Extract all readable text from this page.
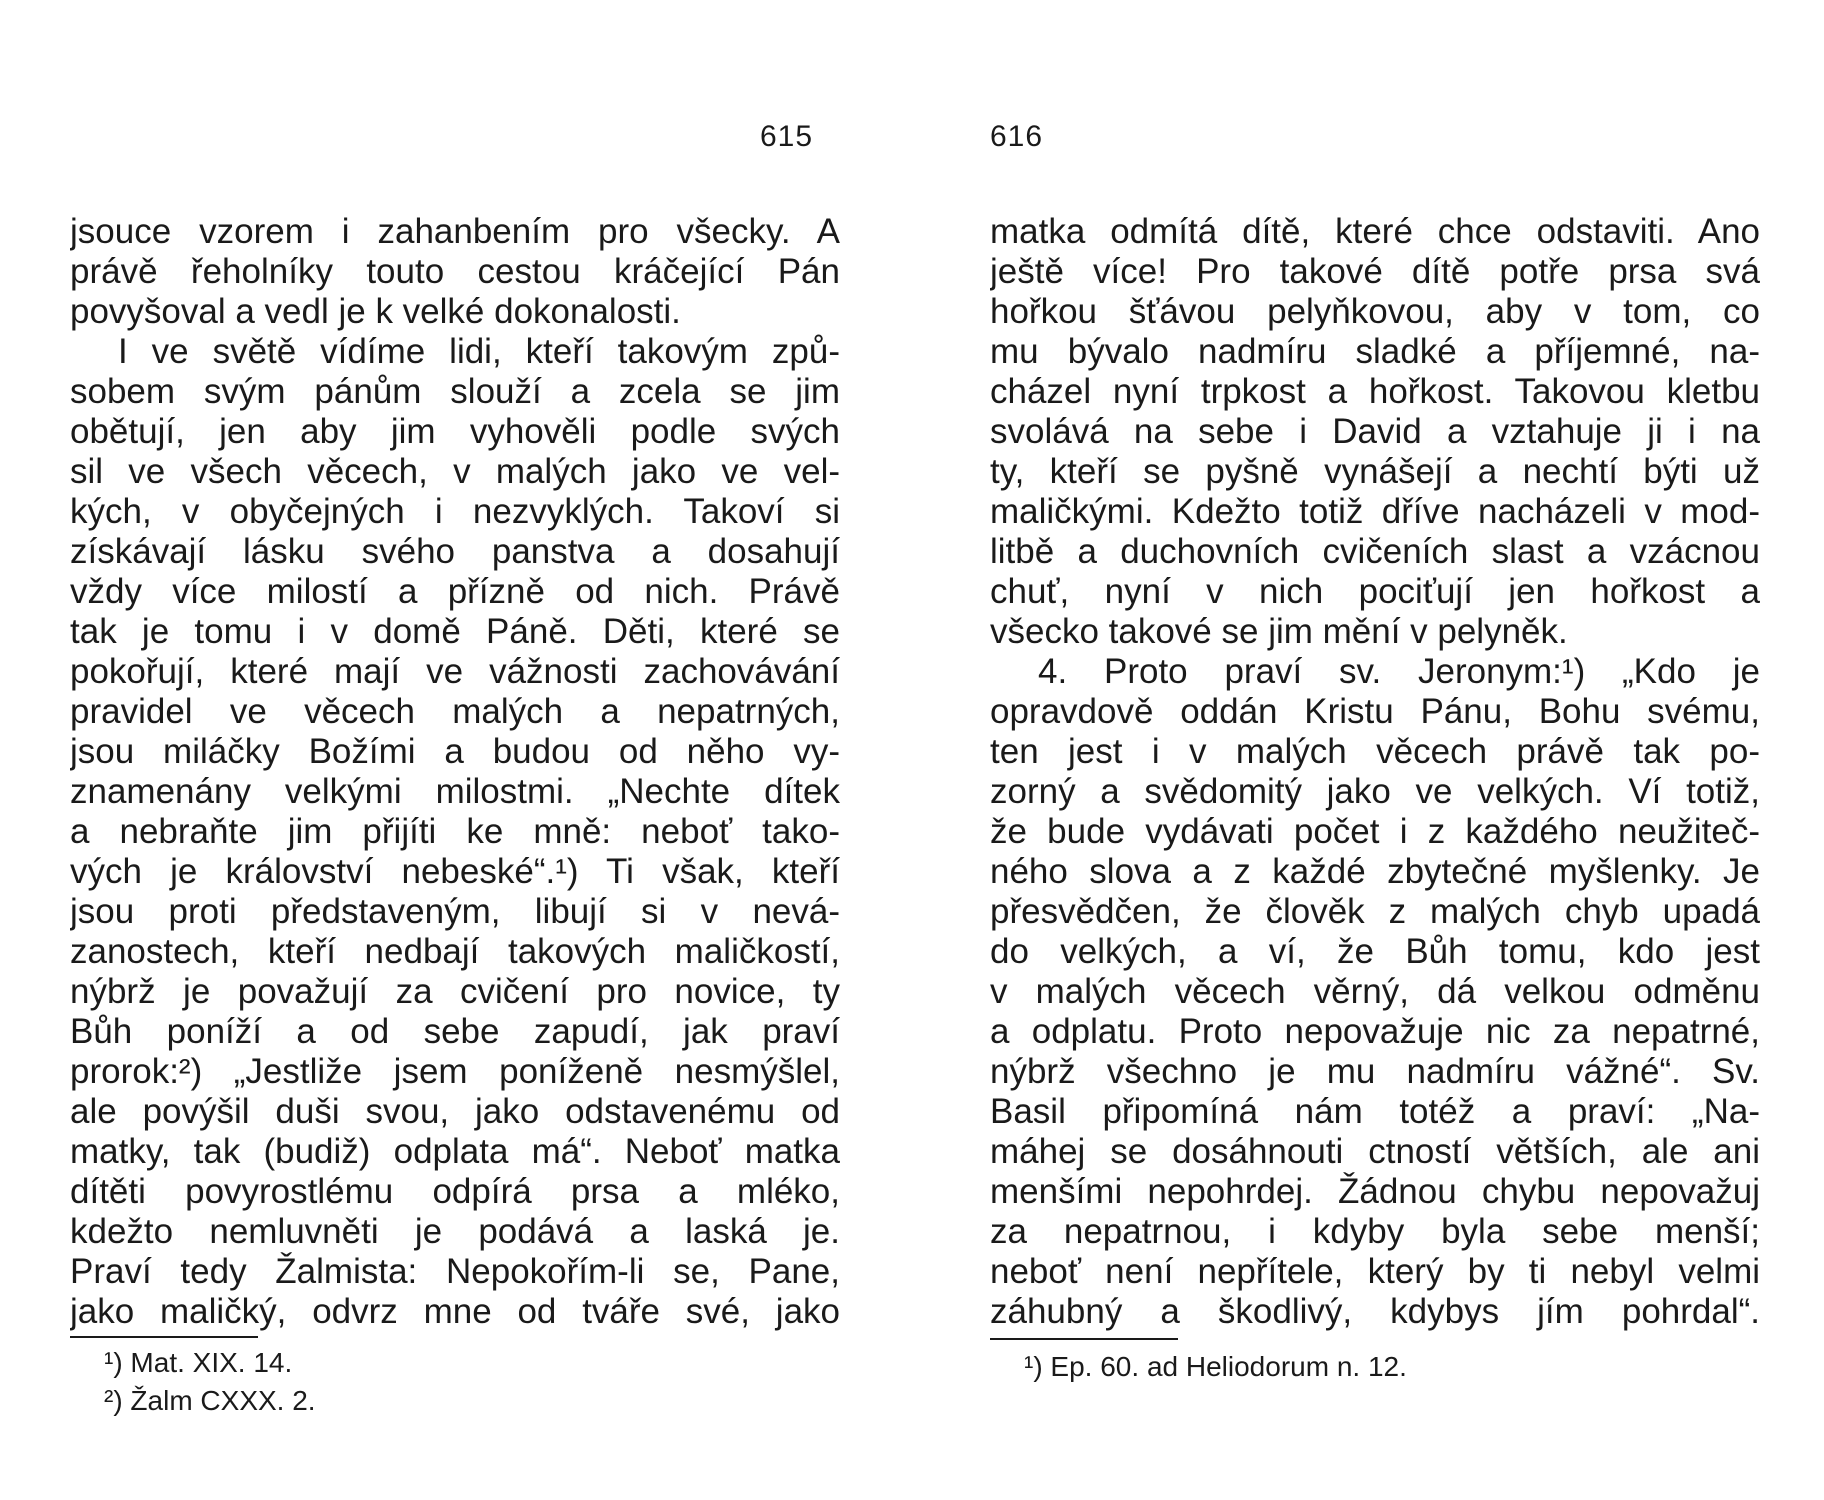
615
jsouce vzorem i zahanbením pro všecky. A
právě řeholníky touto cestou kráčející Pán
povyšoval a vedl je k velké dokonalosti.
I ve světě vídíme lidi, kteří takovým způ-
sobem svým pánům slouží a zcela se jim
obětují, jen aby jim vyhověli podle svých
sil ve všech věcech, v malých jako ve vel-
kých, v obyčejných i nezvyklých. Takoví si
získávají lásku svého panstva a dosahují
vždy více milostí a přízně od nich. Právě
tak je tomu i v domě Páně. Děti, které se
pokořují, které mají ve vážnosti zachovávání
pravidel ve věcech malých a nepatrných,
jsou miláčky Božími a budou od něho vy-
znamenány velkými milostmi. „Nechte dítek
a nebraňte jim přijíti ke mně: neboť tako-
vých je království nebeské“.¹) Ti však, kteří
jsou proti představeným, libují si v nevá-
zanostech, kteří nedbají takových maličkostí,
nýbrž je považují za cvičení pro novice, ty
Bůh poníží a od sebe zapudí, jak praví
prorok:²) „Jestliže jsem poníženě nesmýšlel,
ale povýšil duši svou, jako odstavenému od
matky, tak (budiž) odplata má“. Neboť matka
dítěti povyrostlému odpírá prsa a mléko,
kdežto nemluvněti je podává a laská je.
Praví tedy Žalmista: Nepokořím-li se, Pane,
jako maličký, odvrz mne od tváře své, jako
¹) Mat. XIX. 14.
²) Žalm CXXX. 2.
616
matka odmítá dítě, které chce odstaviti. Ano
ještě více! Pro takové dítě potře prsa svá
hořkou šťávou pelyňkovou, aby v tom, co
mu bývalo nadmíru sladké a příjemné, na-
cházel nyní trpkost a hořkost. Takovou kletbu
svolává na sebe i David a vztahuje ji i na
ty, kteří se pyšně vynášejí a nechtí býti už
maličkými. Kdežto totiž dříve nacházeli v mod-
litbě a duchovních cvičeních slast a vzácnou
chuť, nyní v nich pociťují jen hořkost a
všecko takové se jim mění v pelyněk.
4. Proto praví sv. Jeronym:¹) „Kdo je
opravdově oddán Kristu Pánu, Bohu svému,
ten jest i v malých věcech právě tak po-
zorný a svědomitý jako ve velkých. Ví totiž,
že bude vydávati počet i z každého neužiteč-
ného slova a z každé zbytečné myšlenky. Je
přesvědčen, že člověk z malých chyb upadá
do velkých, a ví, že Bůh tomu, kdo jest
v malých věcech věrný, dá velkou odměnu
a odplatu. Proto nepovažuje nic za nepatrné,
nýbrž všechno je mu nadmíru vážné“. Sv.
Basil připomíná nám totéž a praví: „Na-
máhej se dosáhnouti ctností větších, ale ani
menšími nepohrdej. Žádnou chybu nepovažuj
za nepatrnou, i kdyby byla sebe menší;
neboť není nepřítele, který by ti nebyl velmi
záhubný a škodlivý, kdybys jím pohrdal“.
¹) Ep. 60. ad Heliodorum n. 12.
